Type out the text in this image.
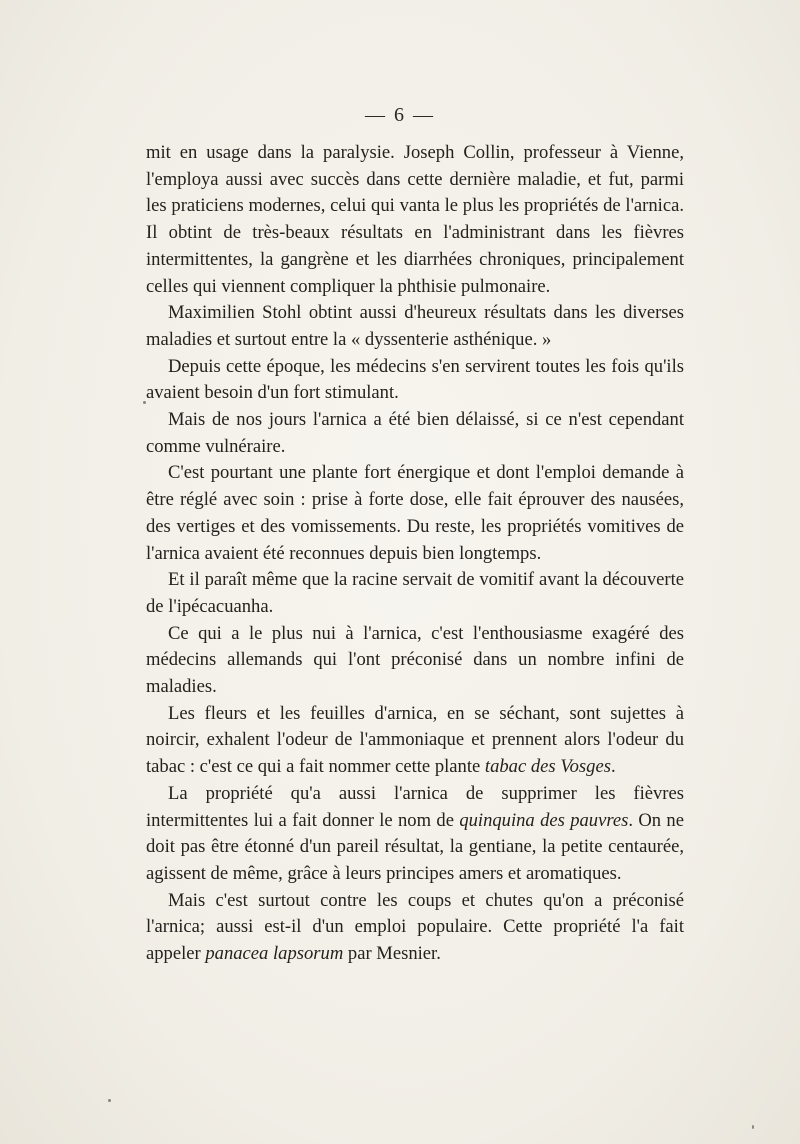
— 6 —

mit en usage dans la paralysie. Joseph Collin, professeur à Vienne, l'employa aussi avec succès dans cette dernière maladie, et fut, parmi les praticiens modernes, celui qui vanta le plus les propriétés de l'arnica. Il obtint de très-beaux résultats en l'administrant dans les fièvres intermittentes, la gangrène et les diarrhées chroniques, principalement celles qui viennent compliquer la phthisie pulmonaire.

Maximilien Stohl obtint aussi d'heureux résultats dans les diverses maladies et surtout entre la « dyssenterie asthénique. »

Depuis cette époque, les médecins s'en servirent toutes les fois qu'ils avaient besoin d'un fort stimulant.

Mais de nos jours l'arnica a été bien délaissé, si ce n'est cependant comme vulnéraire.

C'est pourtant une plante fort énergique et dont l'emploi demande à être réglé avec soin : prise à forte dose, elle fait éprouver des nausées, des vertiges et des vomissements. Du reste, les propriétés vomitives de l'arnica avaient été reconnues depuis bien longtemps.

Et il paraît même que la racine servait de vomitif avant la découverte de l'ipécacuanha.

Ce qui a le plus nui à l'arnica, c'est l'enthousiasme exagéré des médecins allemands qui l'ont préconisé dans un nombre infini de maladies.

Les fleurs et les feuilles d'arnica, en se séchant, sont sujettes à noircir, exhalent l'odeur de l'ammoniaque et prennent alors l'odeur du tabac : c'est ce qui a fait nommer cette plante tabac des Vosges.

La propriété qu'a aussi l'arnica de supprimer les fièvres intermittentes lui a fait donner le nom de quinquina des pauvres. On ne doit pas être étonné d'un pareil résultat, la gentiane, la petite centaurée, agissent de même, grâce à leurs principes amers et aromatiques.

Mais c'est surtout contre les coups et chutes qu'on a préconisé l'arnica; aussi est-il d'un emploi populaire. Cette propriété l'a fait appeler panacea lapsorum par Mesnier.
